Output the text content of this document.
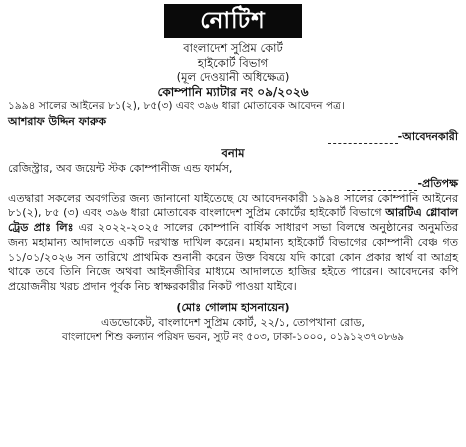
নোটিশ
বাংলাদেশ সুপ্রিম কোর্ট
হাইকোর্ট বিভাগ
(মূল দেওয়ানী অধিক্ষেত্র)
কোম্পানি ম্যাটার নং ০৯/২০২৬
১৯৯৪ সালের আইনের ৮১(২), ৮৫(৩) এবং ৩৯৬ ধারা মোতাবেক আবেদন পত্র।
আশরাফ উদ্দিন ফারুক
-আবেদনকারী
বনাম
রেজিস্ট্রার, অব জয়েন্ট স্টক কোম্পানীজ এন্ড ফার্মস,
-প্রতিপক্ষ
এতদ্বারা সকলের অবগতির জন্য জানানো যাইতেছে যে আবেদনকারী ১৯৯৪ সালের কোম্পানি আইনের ৮১(২), ৮৫ (৩) এবং ৩৯৬ ধারা মোতাবেক বাংলাদেশ সুপ্রিম কোর্টের হাইকোর্ট বিভাগে আরটিএ গ্লোবাল ট্রেড প্রাঃ লিঃ এর ২০২২-২০২৫ সালের কোম্পানি বার্ষিক সাধারণ সভা বিলম্বে অনুষ্ঠানের অনুমতির জন্য মহামান্য আদালতে একটি দরখাস্ত দাখিল করেন। মহামান্য হাইকোর্ট বিভাগের কোম্পানী বেঞ্চ গত ১১/০১/২০২৬ সন তারিখে প্রাথমিক শুনানী করেন উক্ত বিষয়ে যদি কারো কোন প্রকার স্বার্থ বা আগ্রহ থাকে তবে তিনি নিজে অথবা আইনজীবির মাধ্যমে আদালতে হাজির হইতে পারেন। আবেদনের কপি প্রয়োজনীয় খরচ প্রদান পূর্বক নিচ স্বাক্ষরকারীর নিকট পাওয়া যাইবে।
(মোঃ গোলাম হাসনায়েন)
এডভোকেট, বাংলাদেশ সুপ্রিম কোর্ট, ২২/১, তোপখানা রোড,
বাংলাদেশ শিশু কল্যান পরিষদ ভবন, স্যুট নং ৫০৩, ঢাকা-১০০০, ০১৯১২৩৭০৮৬৯
